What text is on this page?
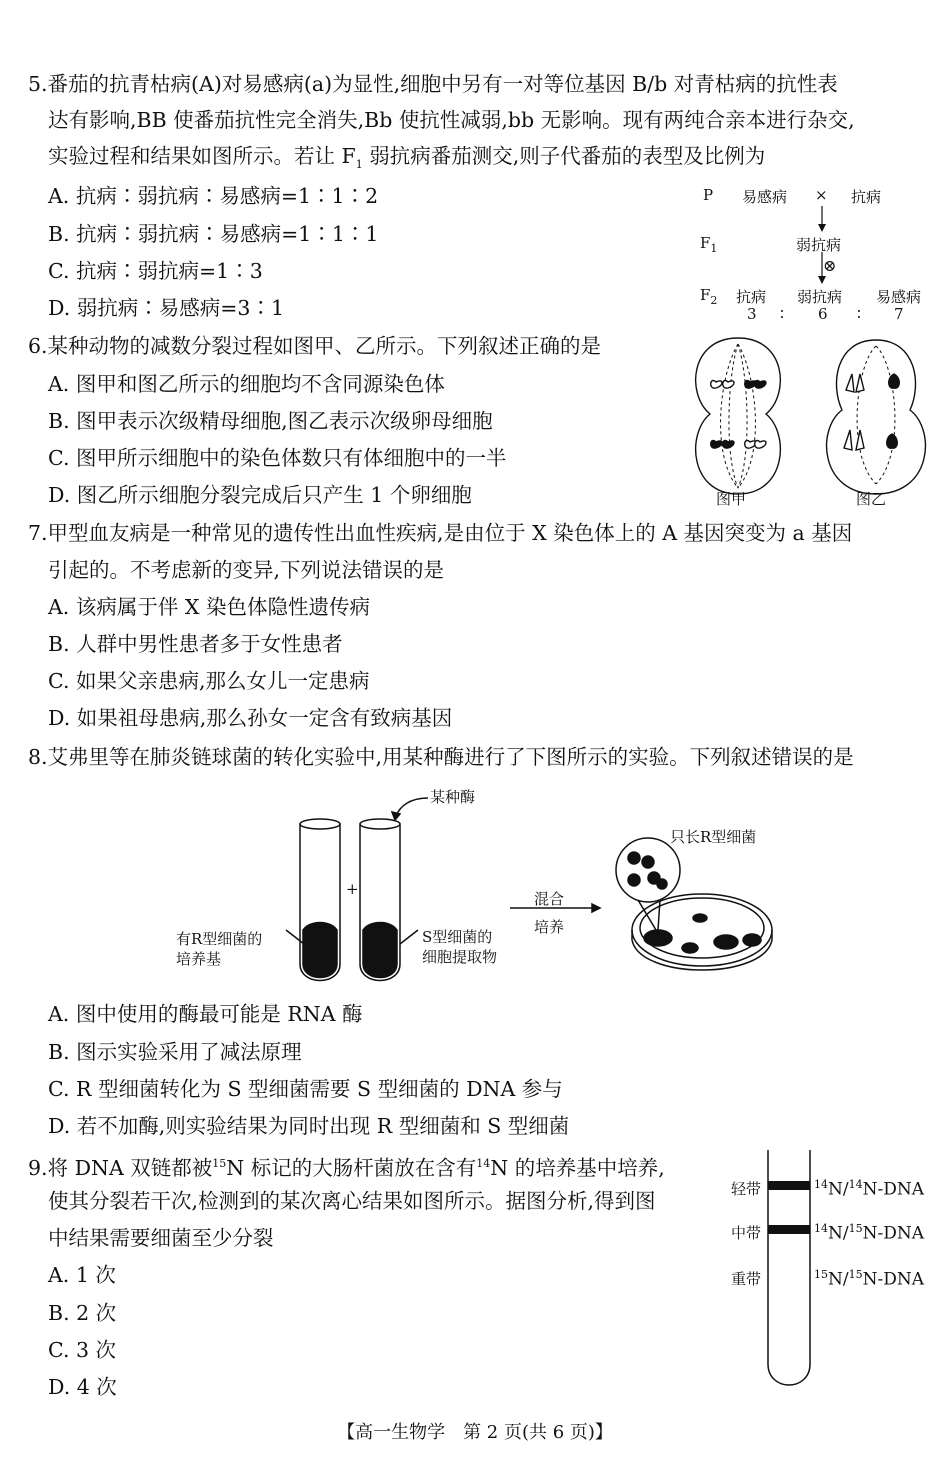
5.番茄的抗青枯病(A)对易感病(a)为显性,细胞中另有一对等位基因 B/b 对青枯病的抗性表
达有影响,BB 使番茄抗性完全消失,Bb 使抗性减弱,bb 无影响。现有两纯合亲本进行杂交,
实验过程和结果如图所示。若让 $F_1$ 弱抗病番茄测交,则子代番茄的表型及比例为
A. 抗病∶弱抗病∶易感病=1∶1∶2
B. 抗病∶弱抗病∶易感病=1∶1∶1
C. 抗病∶弱抗病=1∶3
D. 弱抗病∶易感病=3∶1
P 易感病 × 抗病
$F_1$	弱抗病
⊗
$F_2$ 抗病 弱抗病 易感病
3 ∶ 6 ∶ 7
6.某种动物的减数分裂过程如图甲、乙所示。下列叙述正确的是
A. 图甲和图乙所示的细胞均不含同源染色体
B. 图甲表示次级精母细胞,图乙表示次级卵母细胞
C. 图甲所示细胞中的染色体数只有体细胞中的一半
D. 图乙所示细胞分裂完成后只产生 1 个卵细胞	图甲	图乙
7.甲型血友病是一种常见的遗传性出血性疾病,是由位于 X 染色体上的 A 基因突变为 a 基因
引起的。不考虑新的变异,下列说法错误的是
A. 该病属于伴 X 染色体隐性遗传病
B. 人群中男性患者多于女性患者
C. 如果父亲患病,那么女儿一定患病
D. 如果祖母患病,那么孙女一定含有致病基因
8.艾弗里等在肺炎链球菌的转化实验中,用某种酶进行了下图所示的实验。下列叙述错误的是
某种酶
+
有R型细菌的
培养基
S型细菌的
细胞提取物
混合
培养
只长R型细菌
A. 图中使用的酶最可能是 RNA 酶
B. 图示实验采用了减法原理
C. R 型细菌转化为 S 型细菌需要 S 型细菌的 DNA 参与
D. 若不加酶,则实验结果为同时出现 R 型细菌和 S 型细菌
9.将 DNA 双链都被$^{15}$N 标记的大肠杆菌放在含有$^{14}$N 的培养基中培养,
使其分裂若干次,检测到的某次离心结果如图所示。据图分析,得到图
中结果需要细菌至少分裂
A. 1 次
B. 2 次
C. 3 次
D. 4 次
轻带
中带
重带
$^{14}$N/$^{14}$N-DNA
$^{14}$N/$^{15}$N-DNA
$^{15}$N/$^{15}$N-DNA
【高一生物学　第 2 页(共 6 页)】
